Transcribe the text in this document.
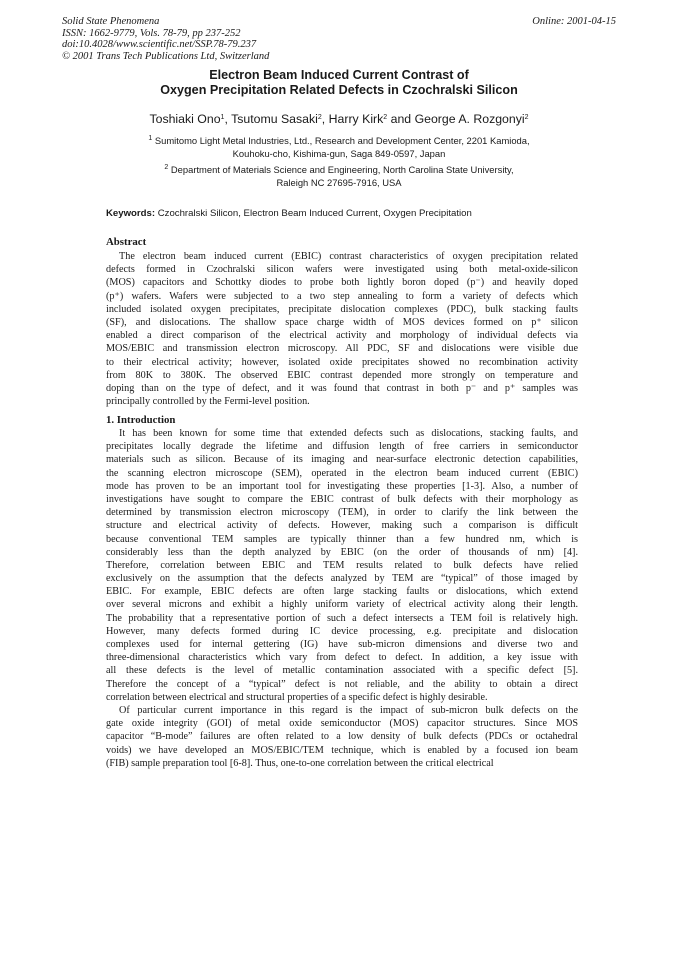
Solid State Phenomena
ISSN: 1662-9779, Vols. 78-79, pp 237-252
doi:10.4028/www.scientific.net/SSP.78-79.237
© 2001 Trans Tech Publications Ltd, Switzerland
Online: 2001-04-15
Electron Beam Induced Current Contrast of
Oxygen Precipitation Related Defects in Czochralski Silicon
Toshiaki Ono$^1$, Tsutomu Sasaki$^2$, Harry Kirk$^2$ and George A. Rozgonyi$^2$
$^1$ Sumitomo Light Metal Industries, Ltd., Research and Development Center, 2201 Kamioda,
Kouhoku-cho, Kishima-gun, Saga 849-0597, Japan
$^2$ Department of Materials Science and Engineering, North Carolina State University,
Raleigh NC 27695-7916, USA
Keywords: Czochralski Silicon, Electron Beam Induced Current, Oxygen Precipitation
Abstract
The electron beam induced current (EBIC) contrast characteristics of oxygen precipitation related
defects formed in Czochralski silicon wafers were investigated using both metal-oxide-silicon
(MOS) capacitors and Schottky diodes to probe both lightly boron doped (p⁻) and heavily doped
(p⁺) wafers. Wafers were subjected to a two step annealing to form a variety of defects which
included isolated oxygen precipitates, precipitate dislocation complexes (PDC), bulk stacking faults
(SF), and dislocations. The shallow space charge width of MOS devices formed on p⁺ silicon
enabled a direct comparison of the electrical activity and morphology of individual defects via
MOS/EBIC and transmission electron microscopy. All PDC, SF and dislocations were visible due
to their electrical activity; however, isolated oxide precipitates showed no recombination activity
from 80K to 380K. The observed EBIC contrast depended more strongly on temperature and
doping than on the type of defect, and it was found that contrast in both p⁻ and p⁺ samples was
principally controlled by the Fermi-level position.
1. Introduction
It has been known for some time that extended defects such as dislocations, stacking faults, and
precipitates locally degrade the lifetime and diffusion length of free carriers in semiconductor
materials such as silicon. Because of its imaging and near-surface electronic detection capabilities,
the scanning electron microscope (SEM), operated in the electron beam induced current (EBIC)
mode has proven to be an important tool for investigating these properties [1-3]. Also, a number of
investigations have sought to compare the EBIC contrast of bulk defects with their morphology as
determined by transmission electron microscopy (TEM), in order to clarify the link between the
structure and electrical activity of defects. However, making such a comparison is difficult
because conventional TEM samples are typically thinner than a few hundred nm, which is
considerably less than the depth analyzed by EBIC (on the order of thousands of nm) [4].
Therefore, correlation between EBIC and TEM results related to bulk defects have relied
exclusively on the assumption that the defects analyzed by TEM are “typical” of those imaged by
EBIC. For example, EBIC defects are often large stacking faults or dislocations, which extend
over several microns and exhibit a highly uniform variety of electrical activity along their length.
The probability that a representative portion of such a defect intersects a TEM foil is relatively high.
However, many defects formed during IC device processing, e.g. precipitate and dislocation
complexes used for internal gettering (IG) have sub-micron dimensions and diverse two and
three-dimensional characteristics which vary from defect to defect. In addition, a key issue with
all these defects is the level of metallic contamination associated with a specific defect [5].
Therefore the concept of a “typical” defect is not reliable, and the ability to obtain a direct
correlation between electrical and structural properties of a specific defect is highly desirable.
Of particular current importance in this regard is the impact of sub-micron bulk defects on the
gate oxide integrity (GOI) of metal oxide semiconductor (MOS) capacitor structures. Since MOS
capacitor “B-mode” failures are often related to a low density of bulk defects (PDCs or octahedral
voids) we have developed an MOS/EBIC/TEM technique, which is enabled by a focused ion beam
(FIB) sample preparation tool [6-8]. Thus, one-to-one correlation between the critical electrical
